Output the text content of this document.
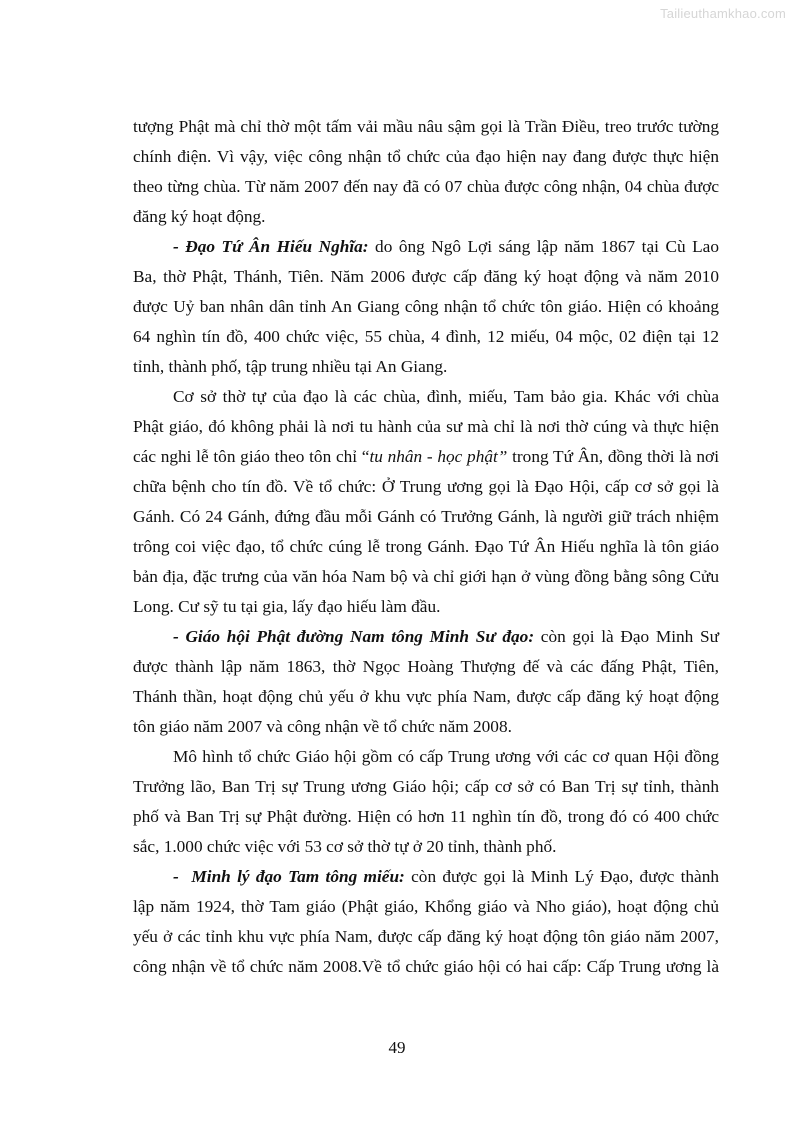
Tailieuthamkhao.com
tượng Phật mà chỉ thờ một tấm vải mầu nâu sậm gọi là Trần Điều, treo trước tường
chính điện. Vì vậy, việc công nhận tổ chức của đạo hiện nay đang được thực hiện
theo từng chùa. Từ năm 2007 đến nay đã có 07 chùa được công nhận, 04 chùa được
đăng ký hoạt động.
- Đạo Tứ Ân Hiếu Nghĩa: do ông Ngô Lợi sáng lập năm 1867 tại Cù Lao
Ba, thờ Phật, Thánh, Tiên. Năm 2006 được cấp đăng ký hoạt động và năm 2010
được Uỷ ban nhân dân tỉnh An Giang công nhận tổ chức tôn giáo. Hiện có khoảng
64 nghìn tín đồ, 400 chức việc, 55 chùa, 4 đình, 12 miếu, 04 mộc, 02 điện tại 12
tỉnh, thành phố, tập trung nhiều tại An Giang.
Cơ sở thờ tự của đạo là các chùa, đình, miếu, Tam bảo gia. Khác với chùa
Phật giáo, đó không phải là nơi tu hành của sư mà chỉ là nơi thờ cúng và thực hiện
các nghi lễ tôn giáo theo tôn chỉ “tu nhân - học phật” trong Tứ Ân, đồng thời là nơi
chữa bệnh cho tín đồ. Về tổ chức: Ở Trung ương gọi là Đạo Hội, cấp cơ sở gọi là
Gánh. Có 24 Gánh, đứng đầu mỗi Gánh có Trưởng Gánh, là người giữ trách nhiệm
trông coi việc đạo, tổ chức cúng lễ trong Gánh. Đạo Tứ Ân Hiếu nghĩa là tôn giáo
bản địa, đặc trưng của văn hóa Nam bộ và chỉ giới hạn ở vùng đồng bằng sông Cửu
Long. Cư sỹ tu tại gia, lấy đạo hiếu làm đầu.
- Giáo hội Phật đường Nam tông Minh Sư đạo: còn gọi là Đạo Minh Sư
được thành lập năm 1863, thờ Ngọc Hoàng Thượng đế và các đấng Phật, Tiên,
Thánh thần, hoạt động chủ yếu ở khu vực phía Nam, được cấp đăng ký hoạt động
tôn giáo năm 2007 và công nhận về tổ chức năm 2008.
Mô hình tổ chức Giáo hội gồm có cấp Trung ương với các cơ quan Hội đồng
Trưởng lão, Ban Trị sự Trung ương Giáo hội; cấp cơ sở có Ban Trị sự tỉnh, thành
phố và Ban Trị sự Phật đường. Hiện có hơn 11 nghìn tín đồ, trong đó có 400 chức
sắc, 1.000 chức việc với 53 cơ sở thờ tự ở 20 tỉnh, thành phố.
-  Minh lý đạo Tam tông miếu: còn được gọi là Minh Lý Đạo, được thành
lập năm 1924, thờ Tam giáo (Phật giáo, Khổng giáo và Nho giáo), hoạt động chủ
yếu ở các tỉnh khu vực phía Nam, được cấp đăng ký hoạt động tôn giáo năm 2007,
công nhận về tổ chức năm 2008.Về tổ chức giáo hội có hai cấp: Cấp Trung ương là
49
